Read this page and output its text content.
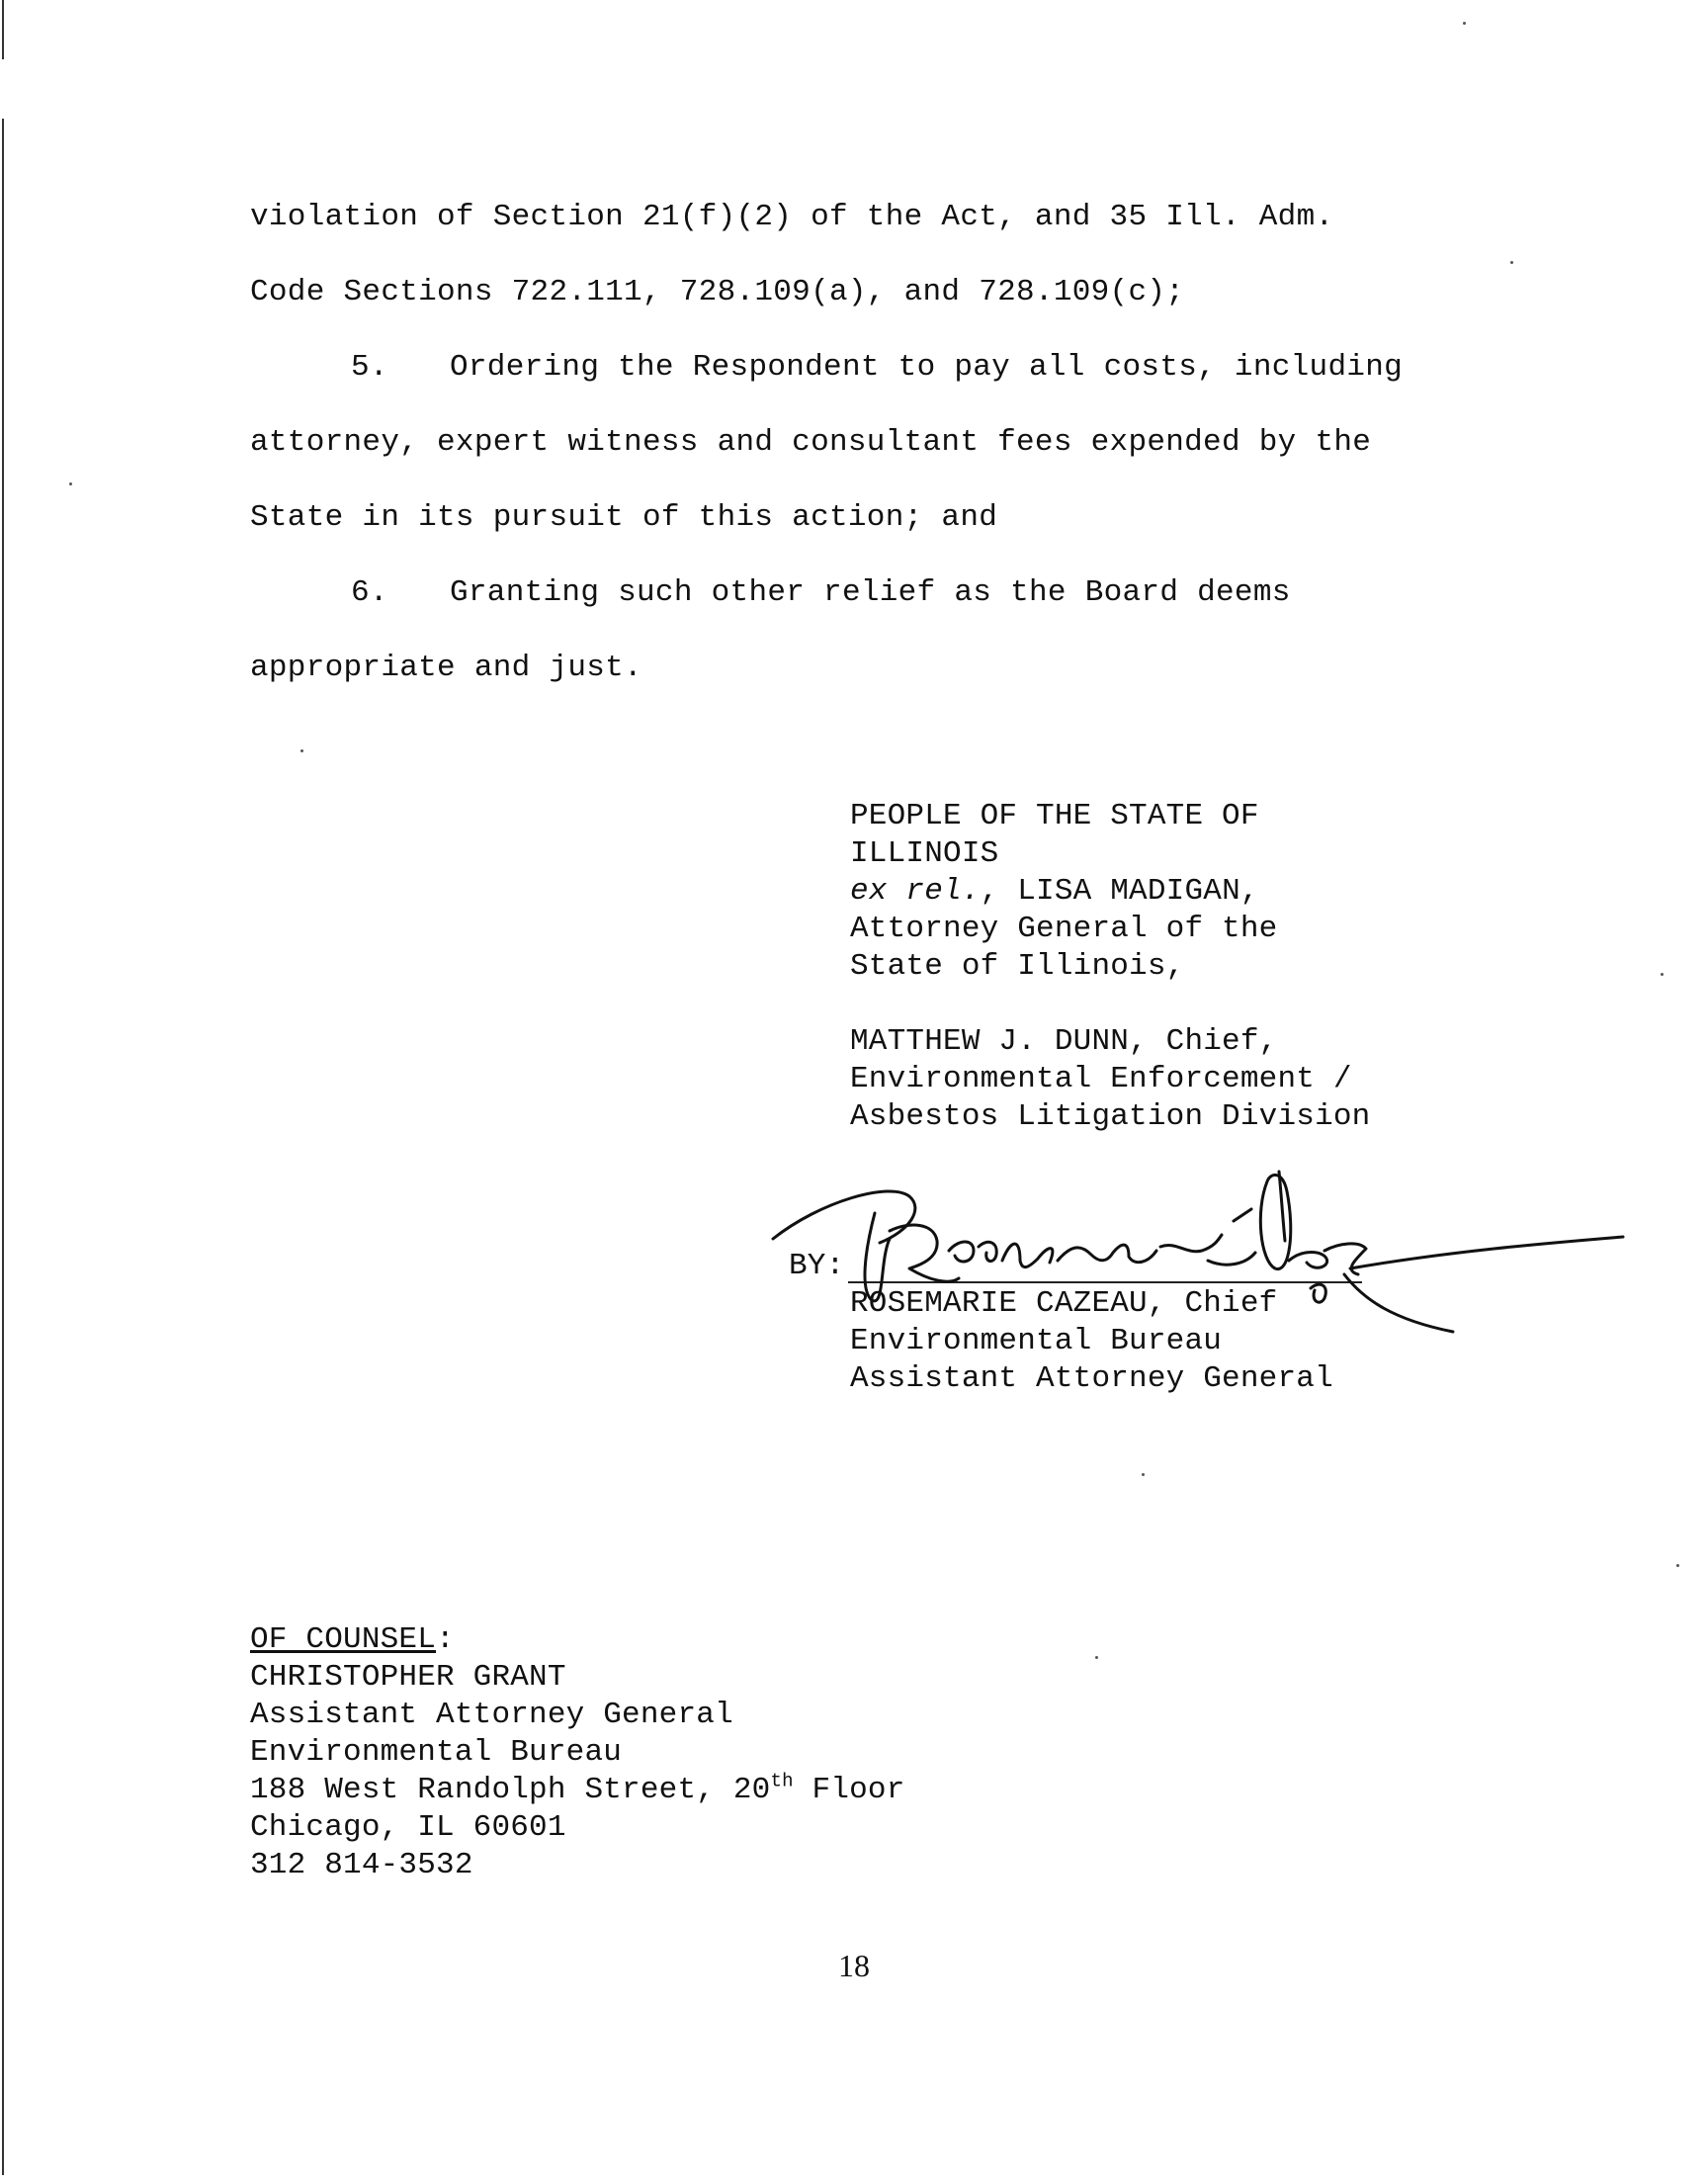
violation of Section 21(f)(2) of the Act, and 35 Ill. Adm.
Code Sections 722.111, 728.109(a), and 728.109(c);
5. Ordering the Respondent to pay all costs, including
attorney, expert witness and consultant fees expended by the
State in its pursuit of this action; and
6. Granting such other relief as the Board deems
appropriate and just.
PEOPLE OF THE STATE OF
ILLINOIS
ex rel., LISA MADIGAN,
Attorney General of the
State of Illinois,
MATTHEW J. DUNN, Chief,
Environmental Enforcement /
Asbestos Litigation Division
BY:
ROSEMARIE CAZEAU, Chief
Environmental Bureau
Assistant Attorney General
OF COUNSEL:
CHRISTOPHER GRANT
Assistant Attorney General
Environmental Bureau
188 West Randolph Street, 20th Floor
Chicago, IL 60601
312 814-3532
18
